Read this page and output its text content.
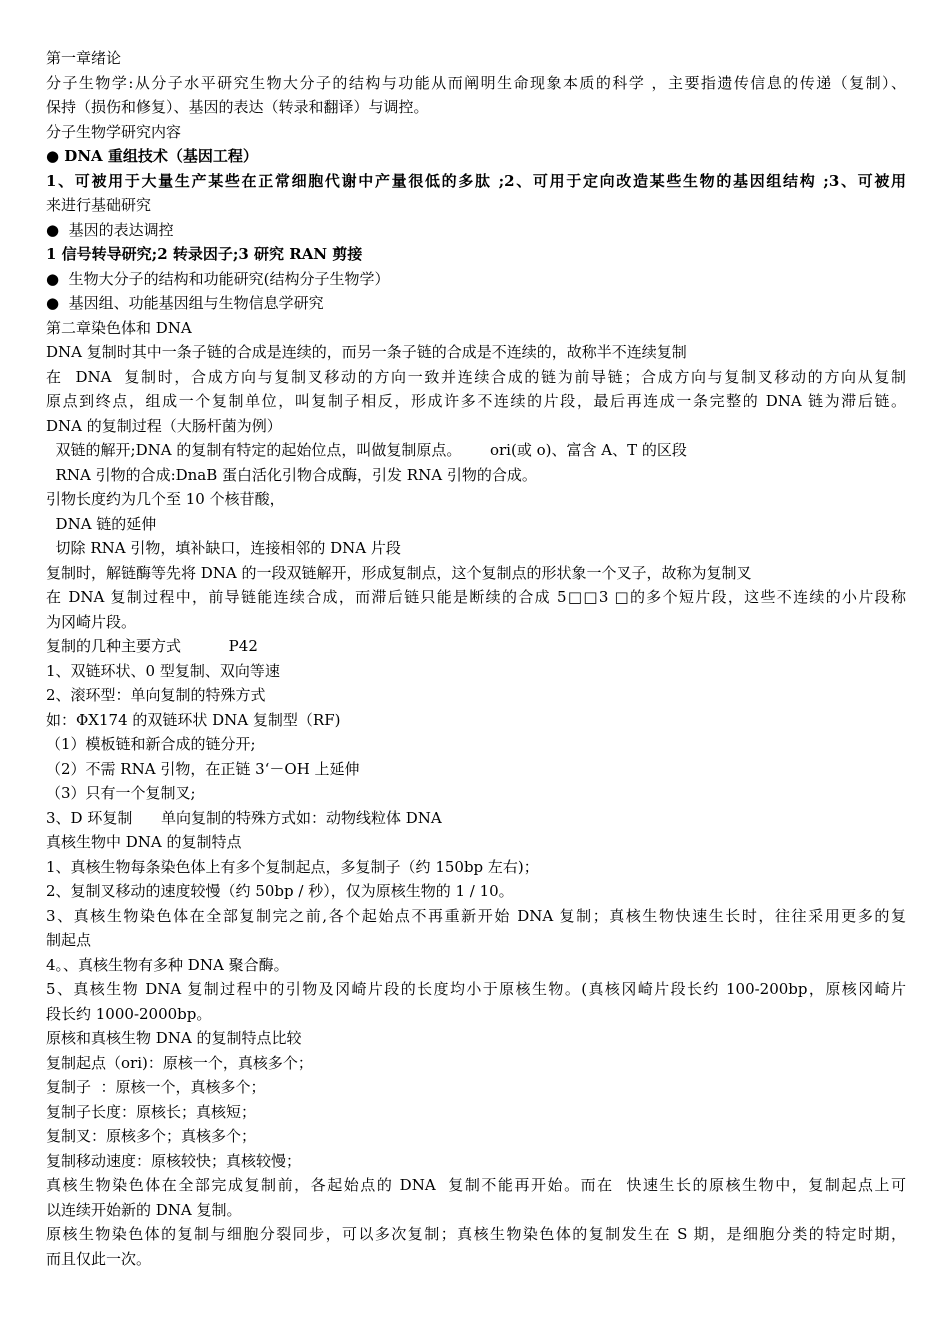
第一章绪论

分子生物学:从分子水平研究生物大分子的结构与功能从而阐明生命现象本质的科学 ，主要指遗传信息的传递（复制）、

保持（损伤和修复）、基因的表达（转录和翻译）与调控。

分子生物学研究内容

● DNA 重组技术（基因工程）

1、可被用于大量生产某些在正常细胞代谢中产量很低的多肽 ;2、可用于定向改造某些生物的基因组结构 ;3、可被用

来进行基础研究

●  基因的表达调控

1 信号转导研究;2 转录因子;3 研究 RAN 剪接

●  生物大分子的结构和功能研究(结构分子生物学）

●  基因组、功能基因组与生物信息学研究

第二章染色体和 DNA

DNA 复制时其中一条子链的合成是连续的，而另一条子链的合成是不连续的，故称半不连续复制

在  DNA  复制时，合成方向与复制叉移动的方向一致并连续合成的链为前导链；合成方向与复制叉移动的方向从复制

原点到终点，组成一个复制单位，叫复制子相反，形成许多不连续的片段，最后再连成一条完整的 DNA 链为滞后链。

DNA 的复制过程（大肠杆菌为例）

双链的解开;DNA 的复制有特定的起始位点，叫做复制原点。      ori(或 o)、富含 A、T 的区段

RNA 引物的合成:DnaB 蛋白活化引物合成酶，引发 RNA 引物的合成。

引物长度约为几个至 10 个核苷酸，

DNA 链的延伸

切除 RNA 引物，填补缺口，连接相邻的 DNA 片段

复制时，解链酶等先将 DNA 的一段双链解开，形成复制点，这个复制点的形状象一个叉子，故称为复制叉

在 DNA 复制过程中，前导链能连续合成，而滞后链只能是断续的合成 5□□3 □的多个短片段，这些不连续的小片段称

为冈崎片段。

复制的几种主要方式          P42

1、双链环状、0 型复制、双向等速

2、滚环型：单向复制的特殊方式

如：ΦX174 的双链环状 DNA 复制型（RF)

（1）模板链和新合成的链分开;

（2）不需 RNA 引物，在正链 3‘－OH 上延伸

（3）只有一个复制叉;

3、D 环复制      单向复制的特殊方式如：动物线粒体 DNA

真核生物中 DNA 的复制特点

1、真核生物每条染色体上有多个复制起点，多复制子（约 150bp 左右)；

2、复制叉移动的速度较慢（约 50bp / 秒），仅为原核生物的 1 / 10。

3、真核生物染色体在全部复制完之前,各个起始点不再重新开始 DNA 复制；真核生物快速生长时，往往采用更多的复

制起点

4。、真核生物有多种 DNA 聚合酶。

5、真核生物 DNA 复制过程中的引物及冈崎片段的长度均小于原核生物。(真核冈崎片段长约 100-200bp，原核冈崎片

段长约 1000-2000bp。

原核和真核生物 DNA 的复制特点比较

复制起点（ori)：原核一个，真核多个；

复制子  ：原核一个，真核多个；

复制子长度：原核长；真核短；

复制叉：原核多个；真核多个；

复制移动速度：原核较快；真核较慢；

真核生物染色体在全部完成复制前，各起始点的 DNA  复制不能再开始。而在  快速生长的原核生物中，复制起点上可

以连续开始新的 DNA 复制。

原核生物染色体的复制与细胞分裂同步，可以多次复制；真核生物染色体的复制发生在 S 期，是细胞分类的特定时期，

而且仅此一次。
